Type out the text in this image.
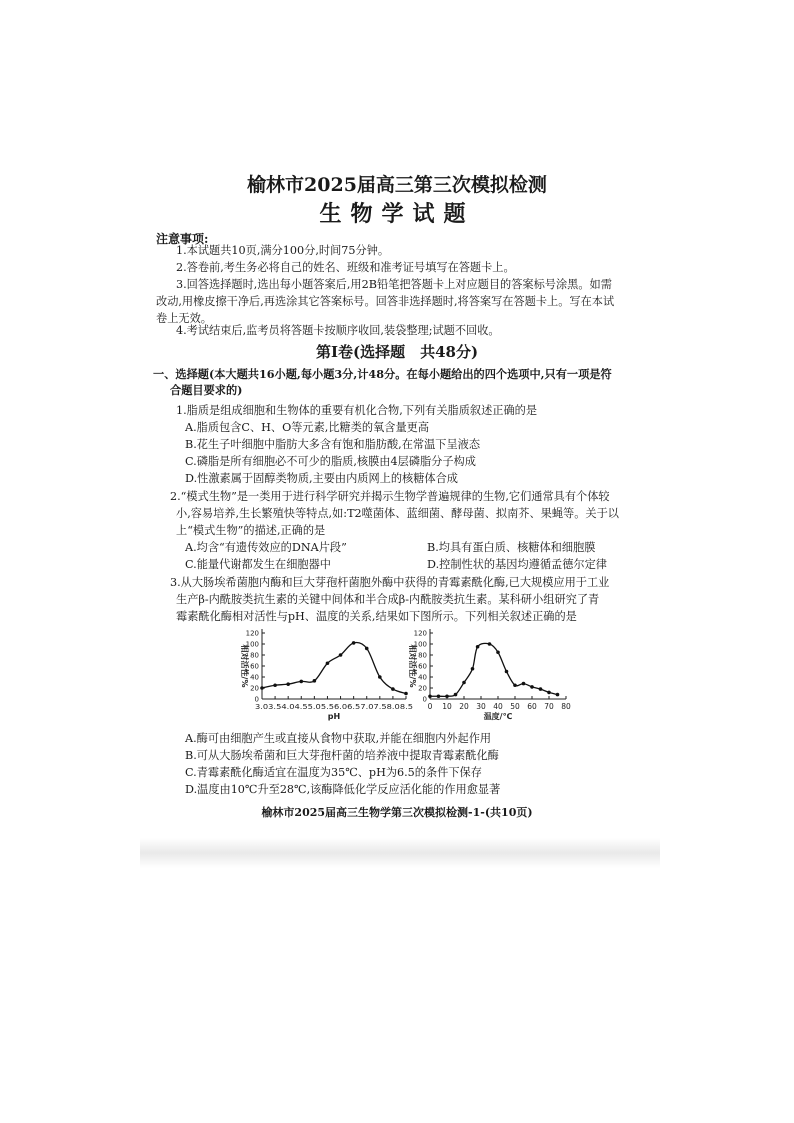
榆林市2025届高三第三次模拟检测
生物学试题
注意事项:
1.本试题共10页,满分100分,时间75分钟。
2.答卷前,考生务必将自己的姓名、班级和准考证号填写在答题卡上。
3.回答选择题时,选出每小题答案后,用2B铅笔把答题卡上对应题目的答案标号涂黑。如需
改动,用橡皮擦干净后,再选涂其它答案标号。回答非选择题时,将答案写在答题卡上。写在本试
卷上无效。
4.考试结束后,监考员将答题卡按顺序收回,装袋整理;试题不回收。
第Ⅰ卷(选择题　共48分)
一、选择题(本大题共16小题,每小题3分,计48分。在每小题给出的四个选项中,只有一项是符
合题目要求的)
1.脂质是组成细胞和生物体的重要有机化合物,下列有关脂质叙述正确的是
A.脂质包含C、H、O等元素,比糖类的氧含量更高
B.花生子叶细胞中脂肪大多含有饱和脂肪酸,在常温下呈液态
C.磷脂是所有细胞必不可少的脂质,核膜由4层磷脂分子构成
D.性激素属于固醇类物质,主要由内质网上的核糖体合成
2.“模式生物”是一类用于进行科学研究并揭示生物学普遍规律的生物,它们通常具有个体较
小,容易培养,生长繁殖快等特点,如:T2噬菌体、蓝细菌、酵母菌、拟南芥、果蝇等。关于以
上“模式生物”的描述,正确的是
A.均含“有遗传效应的DNA片段”	B.均具有蛋白质、核糖体和细胞膜
C.能量代谢都发生在细胞器中	D.控制性状的基因均遵循孟德尔定律
3.从大肠埃希菌胞内酶和巨大芽孢杆菌胞外酶中获得的青霉素酰化酶,已大规模应用于工业
生产β-内酰胺类抗生素的关键中间体和半合成β-内酰胺类抗生素。某科研小组研究了青
霉素酰化酶相对活性与pH、温度的关系,结果如下图所示。下列相关叙述正确的是
0
20
40
60
80
100
120
3.03.54.04.55.05.56.06.57.07.58.08.5
pH
相对活性/%
0
20
40
60
80
100
120
0 10 20 30 40 50 60 70 80
温度/℃
相对活性/%
A.酶可由细胞产生或直接从食物中获取,并能在细胞内外起作用
B.可从大肠埃希菌和巨大芽孢杆菌的培养液中提取青霉素酰化酶
C.青霉素酰化酶适宜在温度为35℃、pH为6.5的条件下保存
D.温度由10℃升至28℃,该酶降低化学反应活化能的作用愈显著
榆林市2025届高三生物学第三次模拟检测-1-(共10页)
